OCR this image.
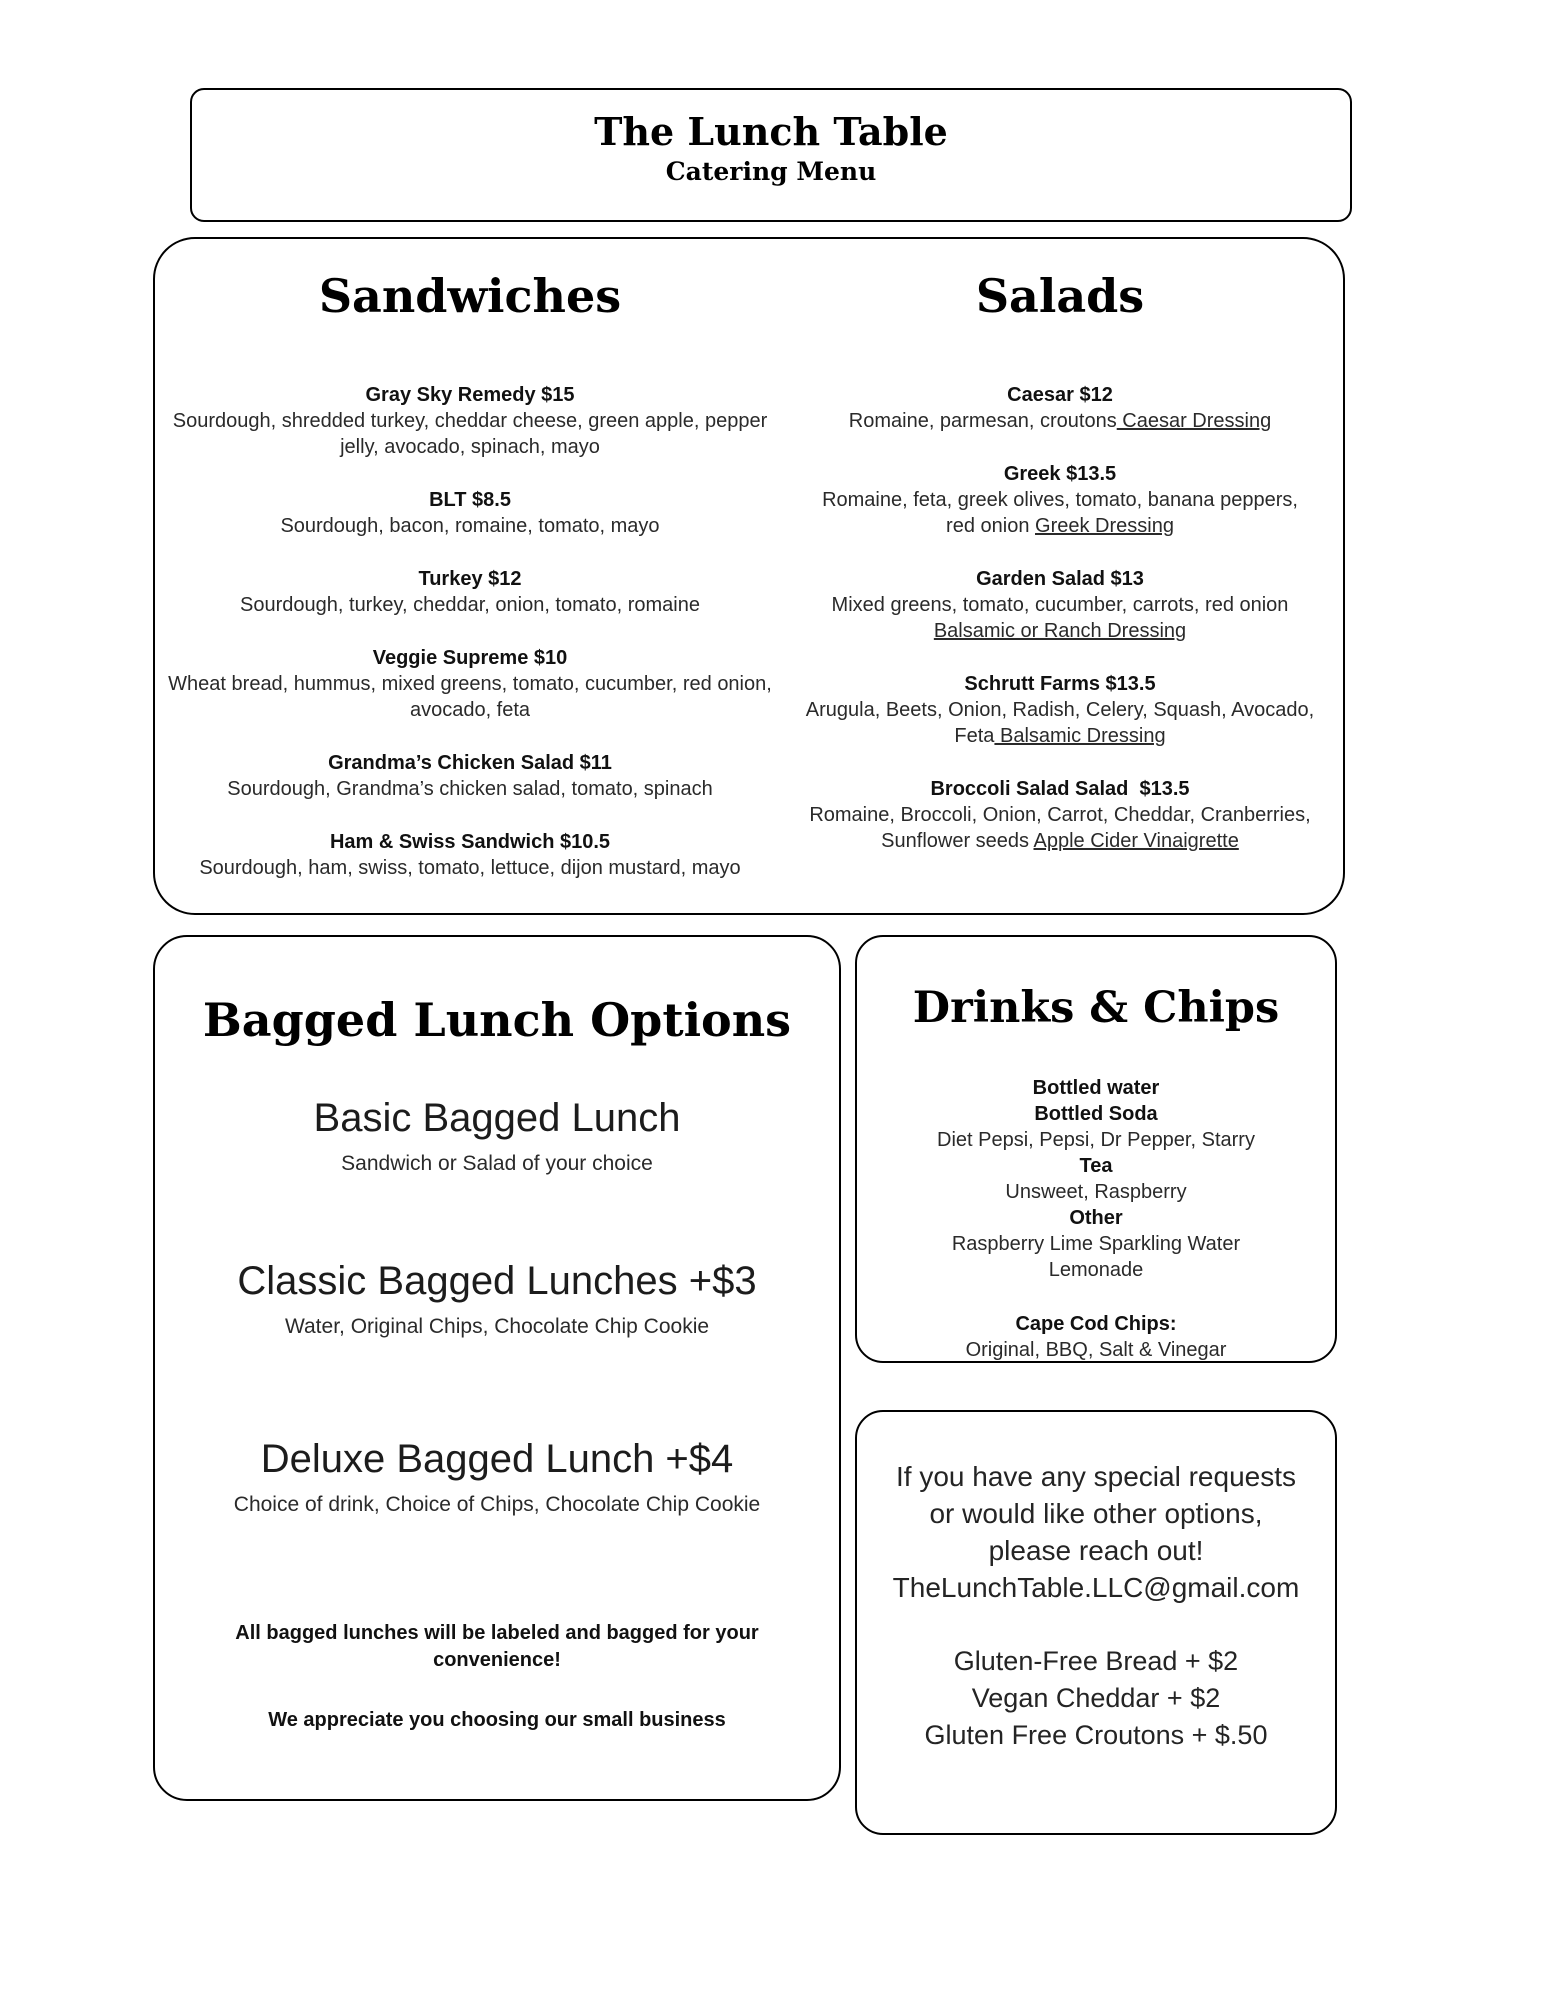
The Lunch Table
Catering Menu
Sandwiches
Gray Sky Remedy $15
Sourdough, shredded turkey, cheddar cheese, green apple, pepper jelly, avocado, spinach, mayo
BLT $8.5
Sourdough, bacon, romaine, tomato, mayo
Turkey $12
Sourdough, turkey, cheddar, onion, tomato, romaine
Veggie Supreme $10
Wheat bread, hummus, mixed greens, tomato, cucumber, red onion, avocado, feta
Grandma’s Chicken Salad $11
Sourdough, Grandma’s chicken salad, tomato, spinach
Ham & Swiss Sandwich $10.5
Sourdough, ham, swiss, tomato, lettuce, dijon mustard, mayo
Salads
Caesar $12
Romaine, parmesan, croutons Caesar Dressing
Greek $13.5
Romaine, feta, greek olives, tomato, banana peppers, red onion Greek Dressing
Garden Salad $13
Mixed greens, tomato, cucumber, carrots, red onion Balsamic or Ranch Dressing
Schrutt Farms $13.5
Arugula, Beets, Onion, Radish, Celery, Squash, Avocado, Feta Balsamic Dressing
Broccoli Salad Salad  $13.5
Romaine, Broccoli, Onion, Carrot, Cheddar, Cranberries, Sunflower seeds Apple Cider Vinaigrette
Bagged Lunch Options
Basic Bagged Lunch
Sandwich or Salad of your choice
Classic Bagged Lunches +$3
Water, Original Chips, Chocolate Chip Cookie
Deluxe Bagged Lunch +$4
Choice of drink, Choice of Chips, Chocolate Chip Cookie
All bagged lunches will be labeled and bagged for your convenience!
We appreciate you choosing our small business
Drinks & Chips
Bottled water
Bottled Soda
Diet Pepsi, Pepsi, Dr Pepper, Starry
Tea
Unsweet, Raspberry
Other
Raspberry Lime Sparkling Water
Lemonade
Cape Cod Chips:
Original, BBQ, Salt & Vinegar
If you have any special requests
or would like other options,
please reach out!
TheLunchTable.LLC@gmail.com
Gluten-Free Bread + $2
Vegan Cheddar + $2
Gluten Free Croutons + $.50
